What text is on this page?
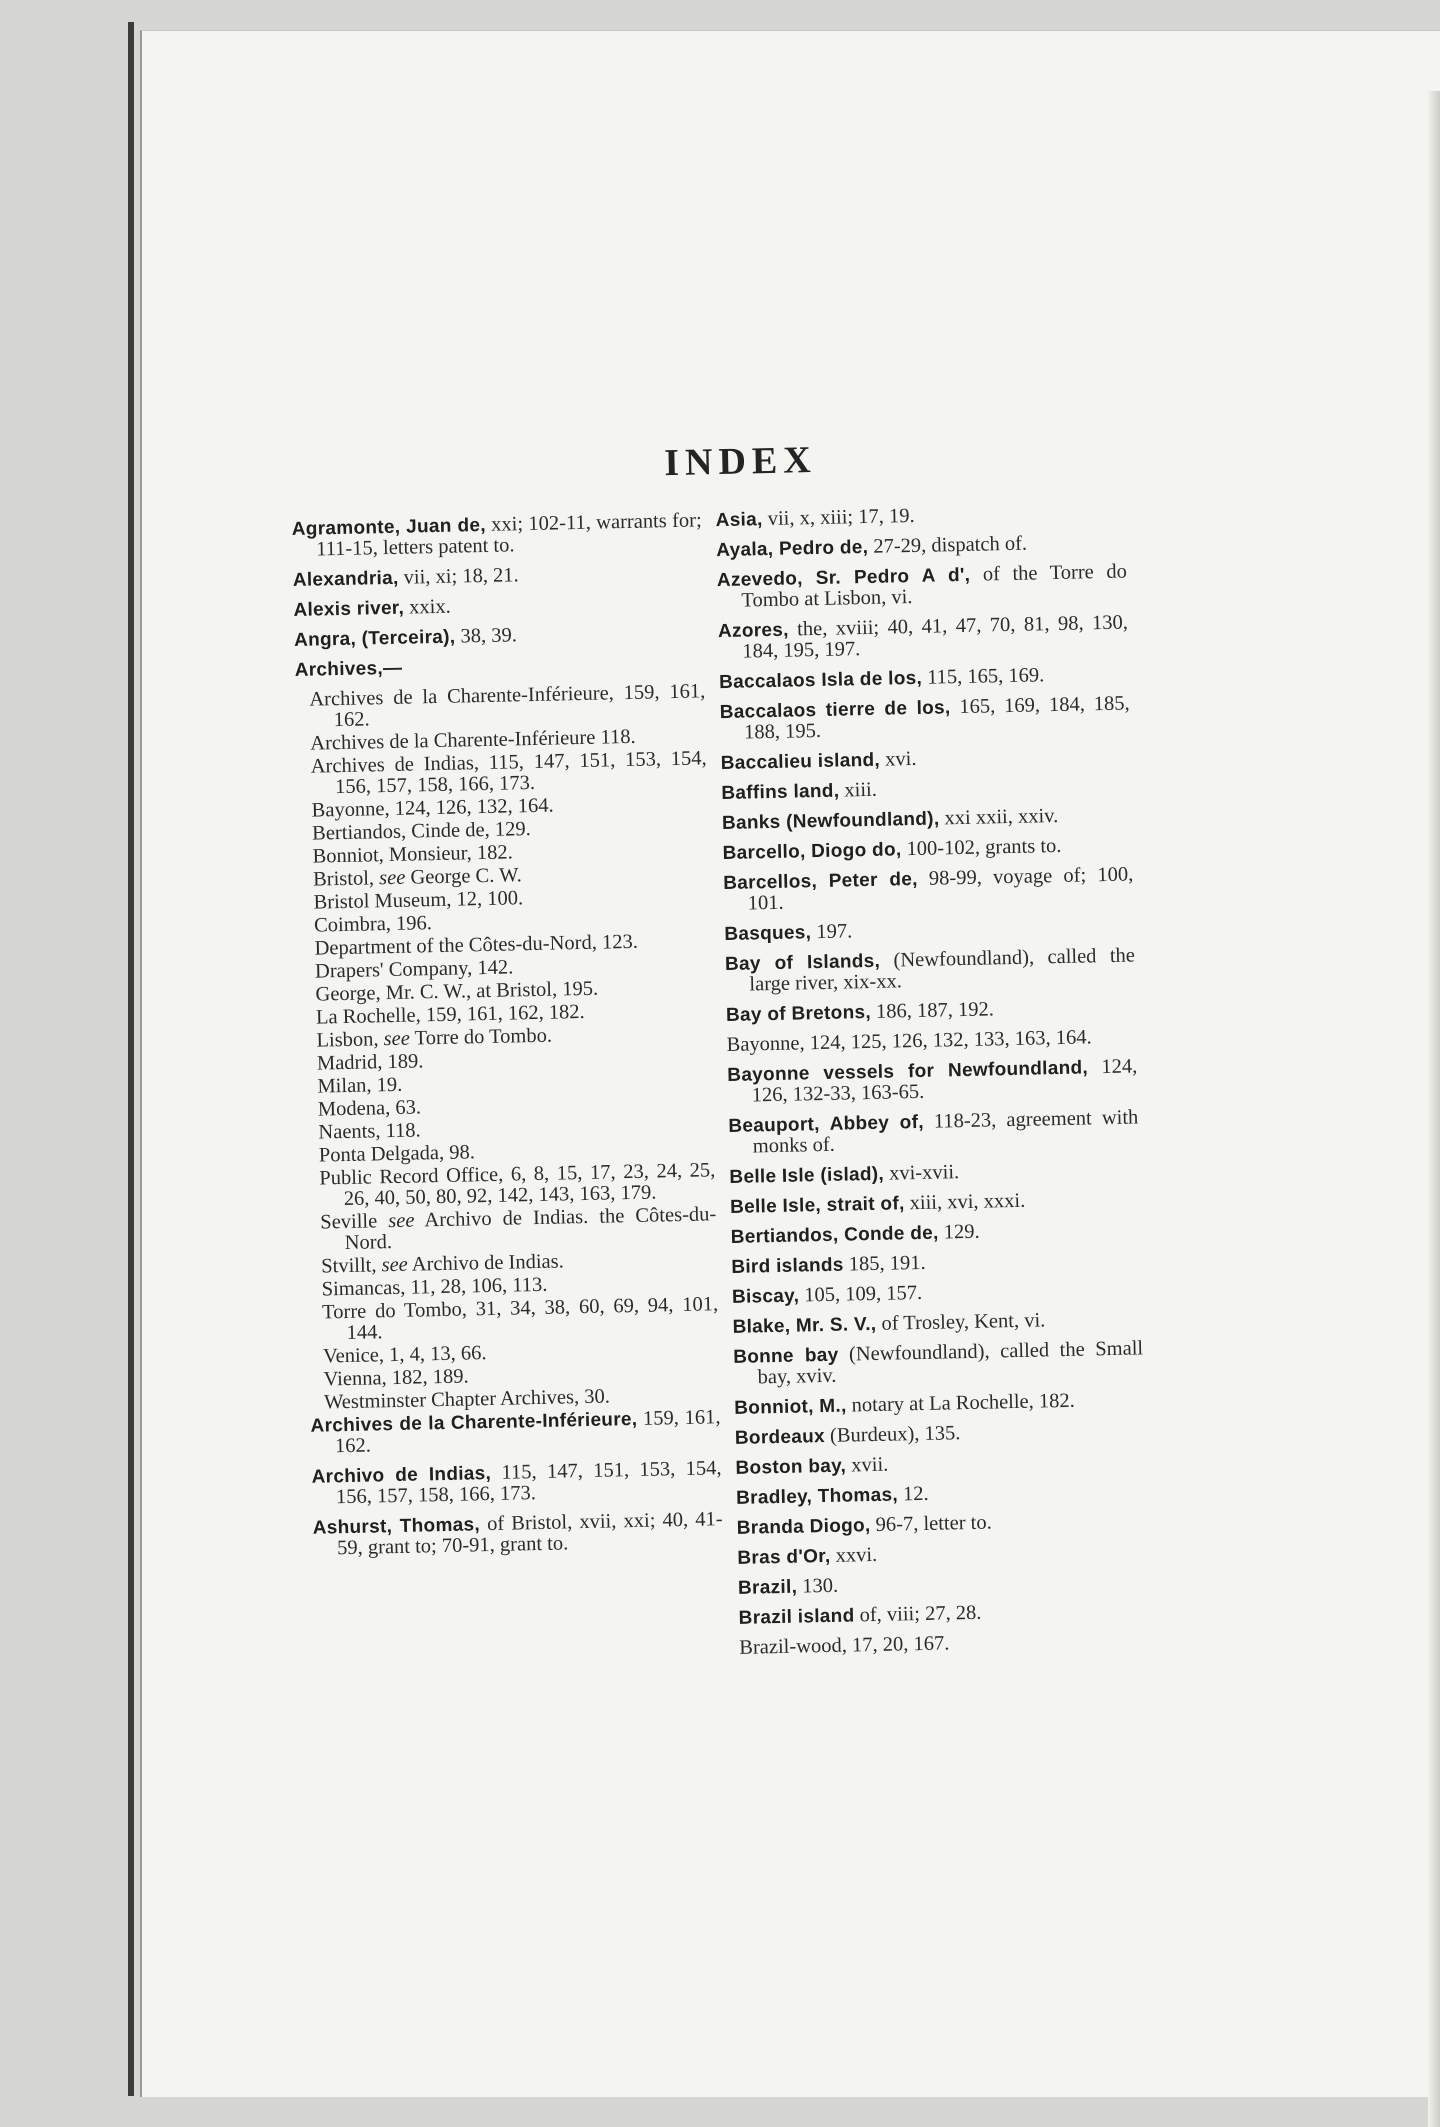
INDEX
Agramonte, Juan de, xxi; 102-11, warrants for; 111-15, letters patent to.
Alexandria, vii, xi; 18, 21.
Alexis river, xxix.
Angra, (Terceira), 38, 39.
Archives,—
Archives de la Charente-Inférieure, 159, 161, 162.
Archives de la Charente-Inférieure 118.
Archives de Indias, 115, 147, 151, 153, 154, 156, 157, 158, 166, 173.
Bayonne, 124, 126, 132, 164.
Bertiandos, Cinde de, 129.
Bonniot, Monsieur, 182.
Bristol, see George C. W.
Bristol Museum, 12, 100.
Coimbra, 196.
Department of the Côtes-du-Nord, 123.
Drapers' Company, 142.
George, Mr. C. W., at Bristol, 195.
La Rochelle, 159, 161, 162, 182.
Lisbon, see Torre do Tombo.
Madrid, 189.
Milan, 19.
Modena, 63.
Naents, 118.
Ponta Delgada, 98.
Public Record Office, 6, 8, 15, 17, 23, 24, 25, 26, 40, 50, 80, 92, 142, 143, 163, 179.
Seville see Archivo de Indias. the Côtes-du-Nord.
Stvillt, see Archivo de Indias.
Simancas, 11, 28, 106, 113.
Torre do Tombo, 31, 34, 38, 60, 69, 94, 101, 144.
Venice, 1, 4, 13, 66.
Vienna, 182, 189.
Westminster Chapter Archives, 30.
Archives de la Charente-Inférieure, 159, 161, 162.
Archivo de Indias, 115, 147, 151, 153, 154, 156, 157, 158, 166, 173.
Ashurst, Thomas, of Bristol, xvii, xxi; 40, 41-59, grant to; 70-91, grant to.
Asia, vii, x, xiii; 17, 19.
Ayala, Pedro de, 27-29, dispatch of.
Azevedo, Sr. Pedro A d', of the Torre do Tombo at Lisbon, vi.
Azores, the, xviii; 40, 41, 47, 70, 81, 98, 130, 184, 195, 197.
Baccalaos Isla de los, 115, 165, 169.
Baccalaos tierre de los, 165, 169, 184, 185, 188, 195.
Baccalieu island, xvi.
Baffins land, xiii.
Banks (Newfoundland), xxi xxii, xxiv.
Barcello, Diogo do, 100-102, grants to.
Barcellos, Peter de, 98-99, voyage of; 100, 101.
Basques, 197.
Bay of Islands, (Newfoundland), called the large river, xix-xx.
Bay of Bretons, 186, 187, 192.
Bayonne, 124, 125, 126, 132, 133, 163, 164.
Bayonne vessels for Newfoundland, 124, 126, 132-33, 163-65.
Beauport, Abbey of, 118-23, agreement with monks of.
Belle Isle (islad), xvi-xvii.
Belle Isle, strait of, xiii, xvi, xxxi.
Bertiandos, Conde de, 129.
Bird islands 185, 191.
Biscay, 105, 109, 157.
Blake, Mr. S. V., of Trosley, Kent, vi.
Bonne bay (Newfoundland), called the Small bay, xviv.
Bonniot, M., notary at La Rochelle, 182.
Bordeaux (Burdeux), 135.
Boston bay, xvii.
Bradley, Thomas, 12.
Branda Diogo, 96-7, letter to.
Bras d'Or, xxvi.
Brazil, 130.
Brazil island of, viii; 27, 28.
Brazil-wood, 17, 20, 167.
